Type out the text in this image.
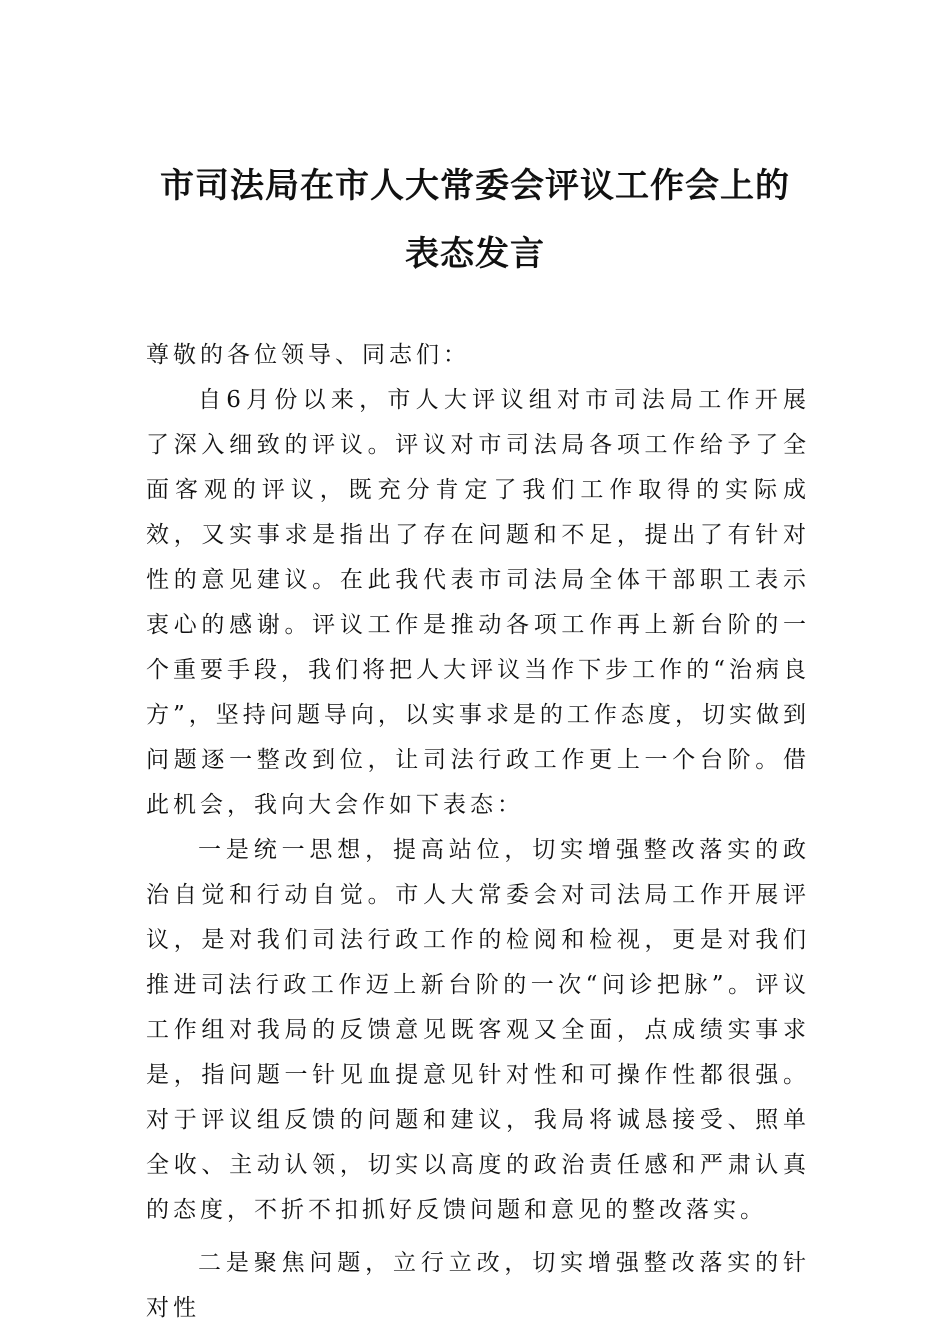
市司法局在市人大常委会评议工作会上的
表态发言

尊敬的各位领导、同志们：

自6月份以来，市人大评议组对市司法局工作开展了深入细致的评议。评议对市司法局各项工作给予了全面客观的评议，既充分肯定了我们工作取得的实际成效，又实事求是指出了存在问题和不足，提出了有针对性的意见建议。在此我代表市司法局全体干部职工表示衷心的感谢。评议工作是推动各项工作再上新台阶的一个重要手段，我们将把人大评议当作下步工作的“治病良方”，坚持问题导向，以实事求是的工作态度，切实做到问题逐一整改到位，让司法行政工作更上一个台阶。借此机会，我向大会作如下表态：

一是统一思想，提高站位，切实增强整改落实的政治自觉和行动自觉。市人大常委会对司法局工作开展评议，是对我们司法行政工作的检阅和检视，更是对我们推进司法行政工作迈上新台阶的一次“问诊把脉”。评议工作组对我局的反馈意见既客观又全面，点成绩实事求是，指问题一针见血提意见针对性和可操作性都很强。对于评议组反馈的问题和建议，我局将诚恳接受、照单全收、主动认领，切实以高度的政治责任感和严肃认真的态度，不折不扣抓好反馈问题和意见的整改落实。

二是聚焦问题，立行立改，切实增强整改落实的针对性
